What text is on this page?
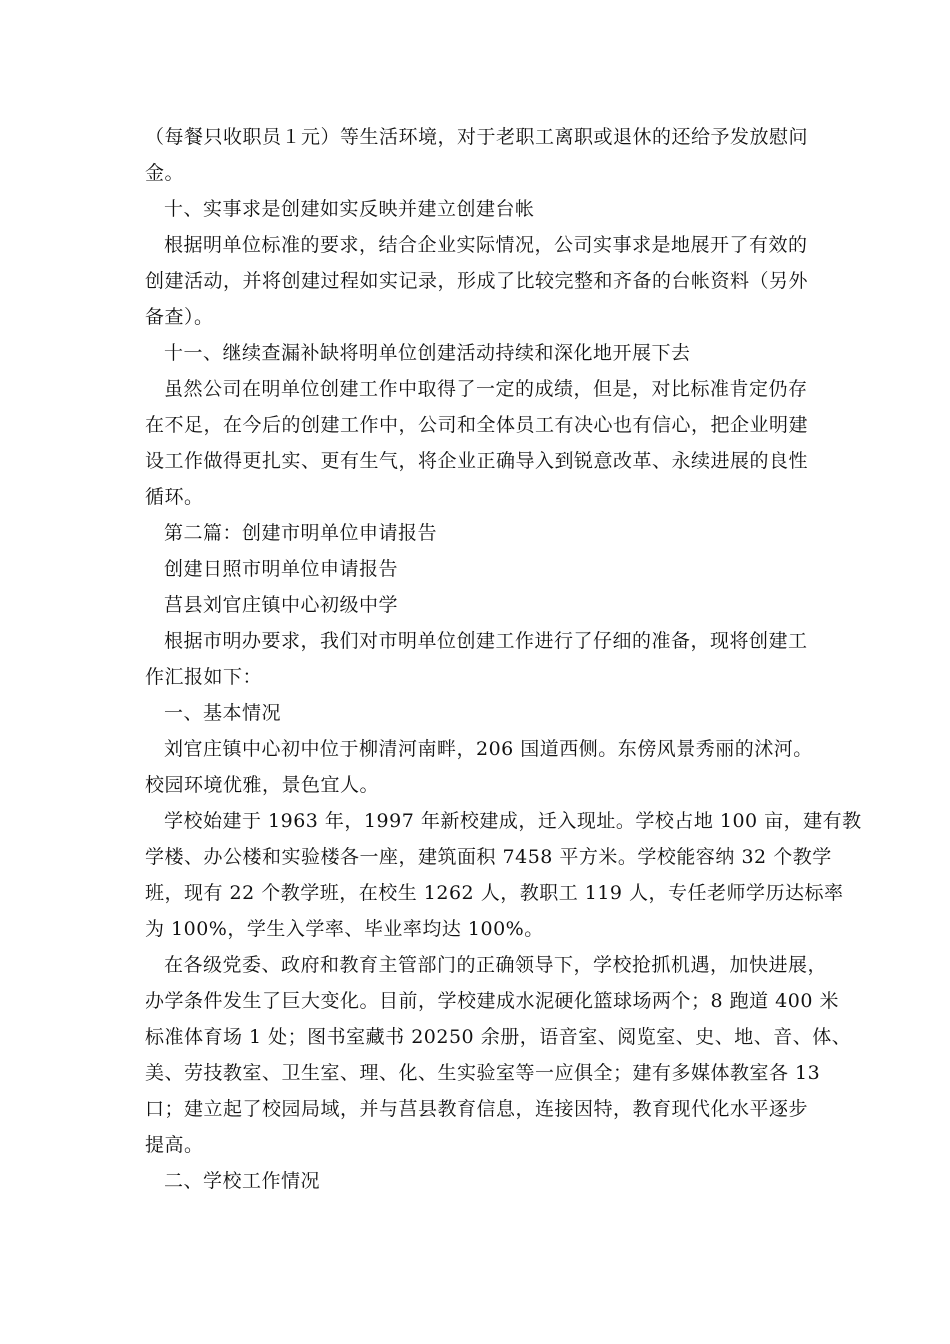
（每餐只收职员１元）等生活环境，对于老职工离职或退休的还给予发放慰问
金。
十、实事求是创建如实反映并建立创建台帐
根据明单位标准的要求，结合企业实际情况，公司实事求是地展开了有效的
创建活动，并将创建过程如实记录，形成了比较完整和齐备的台帐资料（另外
备查）。
十一、继续查漏补缺将明单位创建活动持续和深化地开展下去
虽然公司在明单位创建工作中取得了一定的成绩，但是，对比标准肯定仍存
在不足，在今后的创建工作中，公司和全体员工有决心也有信心，把企业明建
设工作做得更扎实、更有生气，将企业正确导入到锐意改革、永续进展的良性
循环。
第二篇：创建市明单位申请报告
创建日照市明单位申请报告
莒县刘官庄镇中心初级中学
根据市明办要求，我们对市明单位创建工作进行了仔细的准备，现将创建工
作汇报如下：
一、基本情况
刘官庄镇中心初中位于柳清河南畔，206 国道西侧。东傍风景秀丽的沭河。
校园环境优雅，景色宜人。
学校始建于 1963 年，1997 年新校建成，迁入现址。学校占地 100 亩，建有教
学楼、办公楼和实验楼各一座，建筑面积 7458 平方米。学校能容纳 32 个教学
班，现有 22 个教学班，在校生 1262 人，教职工 119 人，专任老师学历达标率
为 100%，学生入学率、毕业率均达 100%。
在各级党委、政府和教育主管部门的正确领导下，学校抢抓机遇，加快进展，
办学条件发生了巨大变化。目前，学校建成水泥硬化篮球场两个；8 跑道 400 米
标准体育场 1 处；图书室藏书 20250 余册，语音室、阅览室、史、地、音、体、
美、劳技教室、卫生室、理、化、生实验室等一应俱全；建有多媒体教室各 13
口；建立起了校园局域，并与莒县教育信息，连接因特，教育现代化水平逐步
提高。
二、学校工作情况
